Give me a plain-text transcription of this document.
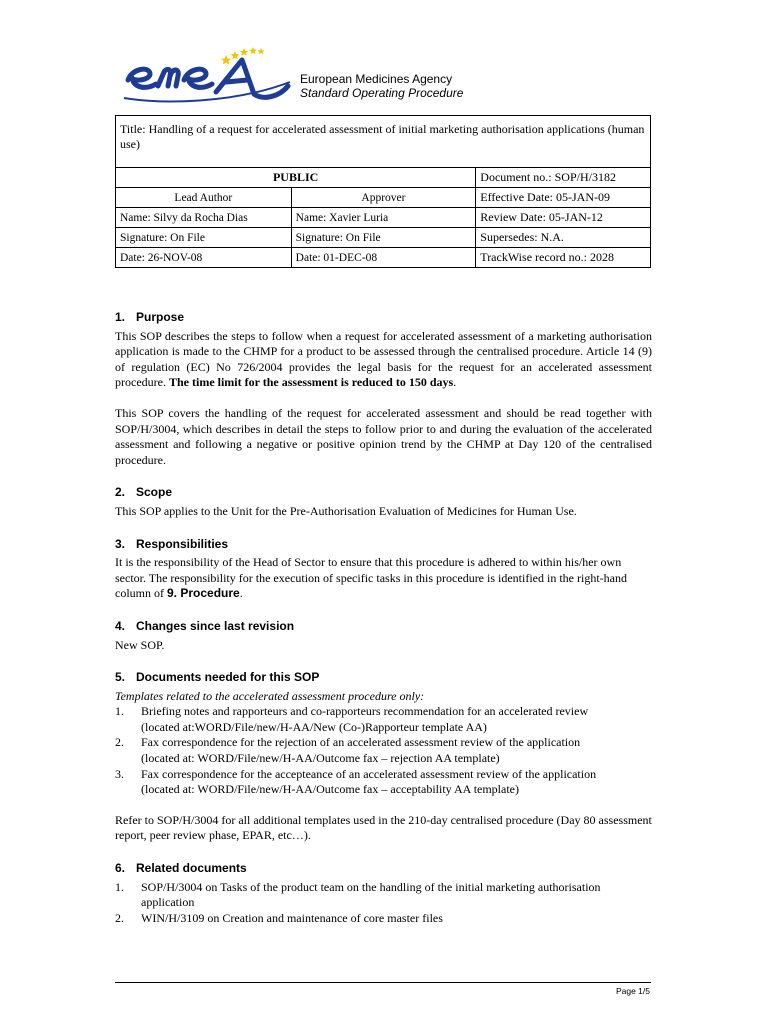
European Medicines Agency
Standard Operating Procedure
Title: Handling of a request for accelerated assessment of initial marketing authorisation applications (human use)		
PUBLIC		Document no.: SOP/H/3182
Lead Author	Approver	Effective Date: 05-JAN-09
Name: Silvy da Rocha Dias	Name: Xavier Luria	Review Date: 05-JAN-12
Signature: On File	Signature: On File	Supersedes: N.A.
Date: 26-NOV-08	Date: 01-DEC-08	TrackWise record no.: 2028
1. Purpose

This SOP describes the steps to follow when a request for accelerated assessment of a marketing authorisation application is made to the CHMP for a product to be assessed through the centralised procedure. Article 14 (9) of regulation (EC) No 726/2004 provides the legal basis for the request for an accelerated assessment procedure. The time limit for the assessment is reduced to 150 days.

This SOP covers the handling of the request for accelerated assessment and should be read together with SOP/H/3004, which describes in detail the steps to follow prior to and during the evaluation of the accelerated assessment and following a negative or positive opinion trend by the CHMP at Day 120 of the centralised procedure.

2. Scope

This SOP applies to the Unit for the Pre-Authorisation Evaluation of Medicines for Human Use.

3. Responsibilities

It is the responsibility of the Head of Sector to ensure that this procedure is adhered to within his/her own sector. The responsibility for the execution of specific tasks in this procedure is identified in the right-hand column of 9. Procedure.

4. Changes since last revision

New SOP.

5. Documents needed for this SOP

Templates related to the accelerated assessment procedure only:

1. Briefing notes and rapporteurs and co-rapporteurs recommendation for an accelerated review
(located at:WORD/File/new/H-AA/New (Co-)Rapporteur template AA)
2. Fax correspondence for the rejection of an accelerated assessment review of the application
(located at: WORD/File/new/H-AA/Outcome fax – rejection AA template)
3. Fax correspondence for the accepteance of an accelerated assessment review of the application
(located at: WORD/File/new/H-AA/Outcome fax – acceptability AA template)

Refer to SOP/H/3004 for all additional templates used in the 210-day centralised procedure (Day 80 assessment report, peer review phase, EPAR, etc…).

6. Related documents
1. SOP/H/3004 on Tasks of the product team on the handling of the initial marketing authorisation application
2. WIN/H/3109 on Creation and maintenance of core master files
Page 1/5
